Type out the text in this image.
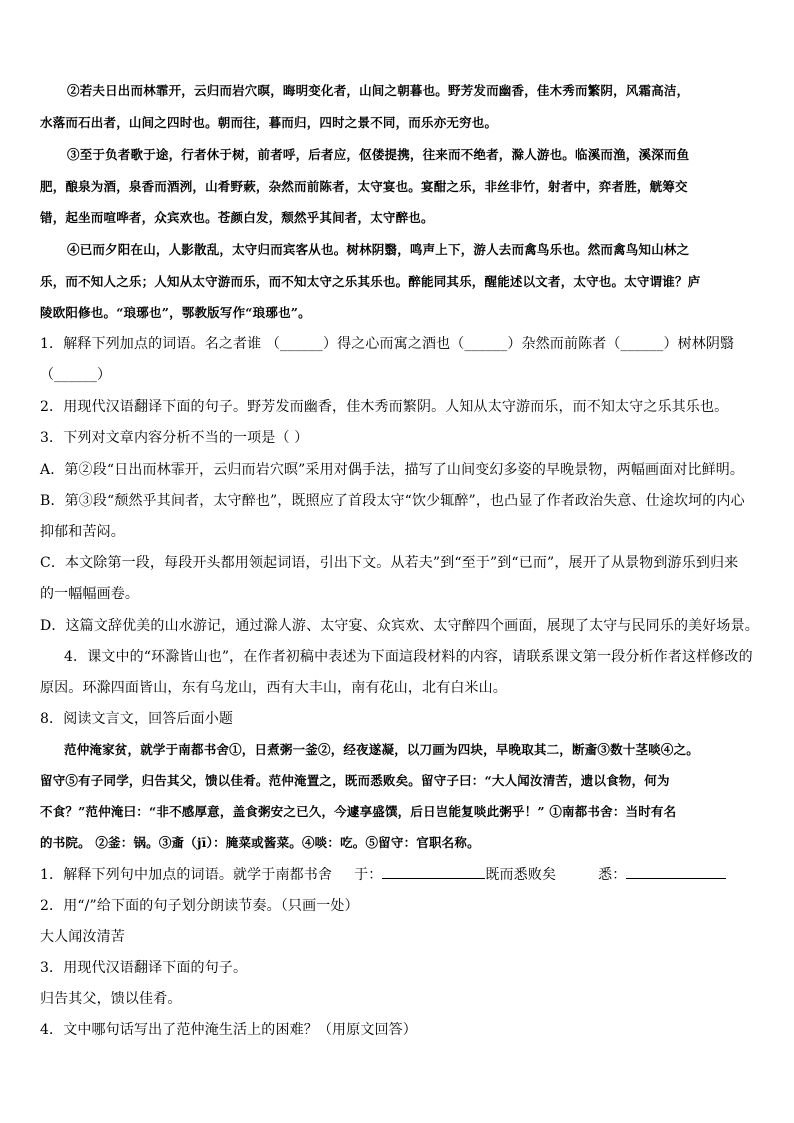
②若夫日出而林霏开，云归而岩穴暝，晦明变化者，山间之朝暮也。野芳发而幽香，佳木秀而繁阴，风霜高洁，
水落而石出者，山间之四时也。朝而往，暮而归，四时之景不同，而乐亦无穷也。
③至于负者歌于途，行者休于树，前者呼，后者应，伛偻提携，往来而不绝者，滁人游也。临溪而渔，溪深而鱼
肥，酿泉为酒，泉香而酒洌，山肴野蔌，杂然而前陈者，太守宴也。宴酣之乐，非丝非竹，射者中，弈者胜，觥筹交
错，起坐而喧哗者，众宾欢也。苍颜白发，颓然乎其间者，太守醉也。
④已而夕阳在山，人影散乱，太守归而宾客从也。树林阴翳，鸣声上下，游人去而禽鸟乐也。然而禽鸟知山林之
乐，而不知人之乐；人知从太守游而乐，而不知太守之乐其乐也。醉能同其乐，醒能述以文者，太守也。太守谓谁？庐
陵欧阳修也。“琅琊也”，鄂教版写作“琅琊也”。
1．解释下列加点的词语。名之者谁 （______）得之心而寓之酒也（______）杂然而前陈者（______）树林阴翳
（______）
2．用现代汉语翻译下面的句子。野芳发而幽香，佳木秀而繁阴。人知从太守游而乐，而不知太守之乐其乐也。
3．下列对文章内容分析不当的一项是（ ）
A．第②段“日出而林霏开，云归而岩穴暝”采用对偶手法，描写了山间变幻多姿的早晚景物，两幅画面对比鲜明。
B．第③段“颓然乎其间者，太守醉也”，既照应了首段太守“饮少辄醉”，也凸显了作者政治失意、仕途坎坷的内心
抑郁和苦闷。
C．本文除第一段，每段开头都用领起词语，引出下文。从若夫”到“至于”到“已而”，展开了从景物到游乐到归来
的一幅幅画卷。
D．这篇文辞优美的山水游记，通过滁人游、太守宴、众宾欢、太守醉四个画面，展现了太守与民同乐的美好场景。
4．课文中的“环滁皆山也”，在作者初稿中表述为下面這段材料的内容，请联系课文第一段分析作者这样修改的
原因。环滁四面皆山，东有乌龙山，西有大丰山，南有花山，北有白米山。
8．阅读文言文，回答后面小题
范仲淹家贫，就学于南都书舍①，日煮粥一釜②，经夜遂凝，以刀画为四块，早晚取其二，断齑③数十茎啖④之。
留守⑤有子同学，归告其父，馈以佳肴。范仲淹置之，既而悉败矣。留守子曰：“大人闻汝清苦，遗以食物，何为
不食？”范仲淹曰：“非不感厚意，盖食粥安之已久，今遽享盛馔，后日岂能复啖此粥乎！” ①南都书舍：当时有名
的书院。 ②釜：锅。③齑（jī）：腌菜或酱菜。④啖：吃。⑤留守：官职名称。
1．解释下列句中加点的词语。就学于南都书舍 于：	既而悉败矣	悉：
2．用“/”给下面的句子划分朗读节奏。（只画一处）
大人闻汝清苦
3．用现代汉语翻译下面的句子。
归告其父，馈以佳肴。
4．文中哪句话写出了范仲淹生活上的困难？（用原文回答）
